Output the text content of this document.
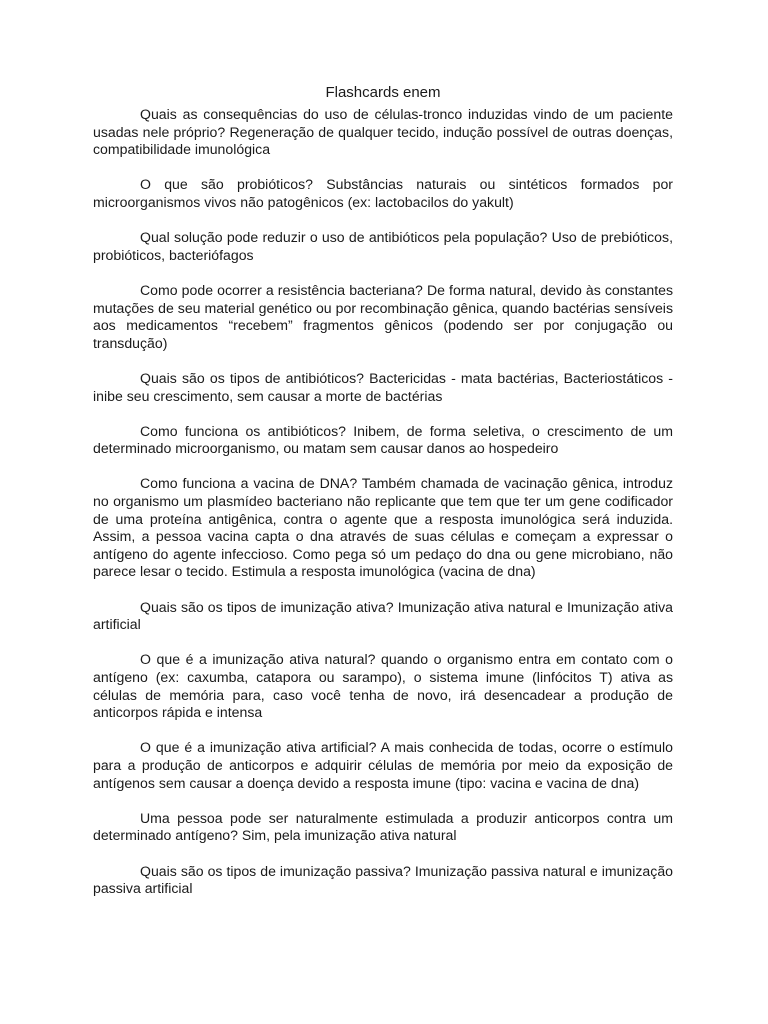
Flashcards enem

Quais as consequências do uso de células-tronco induzidas vindo de um paciente usadas nele próprio? Regeneração de qualquer tecido, indução possível de outras doenças, compatibilidade imunológica

O que são probióticos? Substâncias naturais ou sintéticos formados por microorganismos vivos não patogênicos (ex: lactobacilos do yakult)

Qual solução pode reduzir o uso de antibióticos pela população? Uso de prebióticos, probióticos, bacteriófagos

Como pode ocorrer a resistência bacteriana? De forma natural, devido às constantes mutações de seu material genético ou por recombinação gênica, quando bactérias sensíveis aos medicamentos “recebem” fragmentos gênicos (podendo ser por conjugação ou transdução)

Quais são os tipos de antibióticos? Bactericidas - mata bactérias, Bacteriostáticos - inibe seu crescimento, sem causar a morte de bactérias

Como funciona os antibióticos? Inibem, de forma seletiva, o crescimento de um determinado microorganismo, ou matam sem causar danos ao hospedeiro

Como funciona a vacina de DNA? Também chamada de vacinação gênica, introduz no organismo um plasmídeo bacteriano não replicante que tem que ter um gene codificador de uma proteína antigênica, contra o agente que a resposta imunológica será induzida. Assim, a pessoa vacina capta o dna através de suas células e começam a expressar o antígeno do agente infeccioso. Como pega só um pedaço do dna ou gene microbiano, não parece lesar o tecido. Estimula a resposta imunológica (vacina de dna)

Quais são os tipos de imunização ativa? Imunização ativa natural e Imunização ativa artificial

O que é a imunização ativa natural? quando o organismo entra em contato com o antígeno (ex: caxumba, catapora ou sarampo), o sistema imune (linfócitos T) ativa as células de memória para, caso você tenha de novo, irá desencadear a produção de anticorpos rápida e intensa

O que é a imunização ativa artificial? A mais conhecida de todas, ocorre o estímulo para a produção de anticorpos e adquirir células de memória por meio da exposição de antígenos sem causar a doença devido a resposta imune (tipo: vacina e vacina de dna)

Uma pessoa pode ser naturalmente estimulada a produzir anticorpos contra um determinado antígeno? Sim, pela imunização ativa natural

Quais são os tipos de imunização passiva? Imunização passiva natural e imunização passiva artificial
